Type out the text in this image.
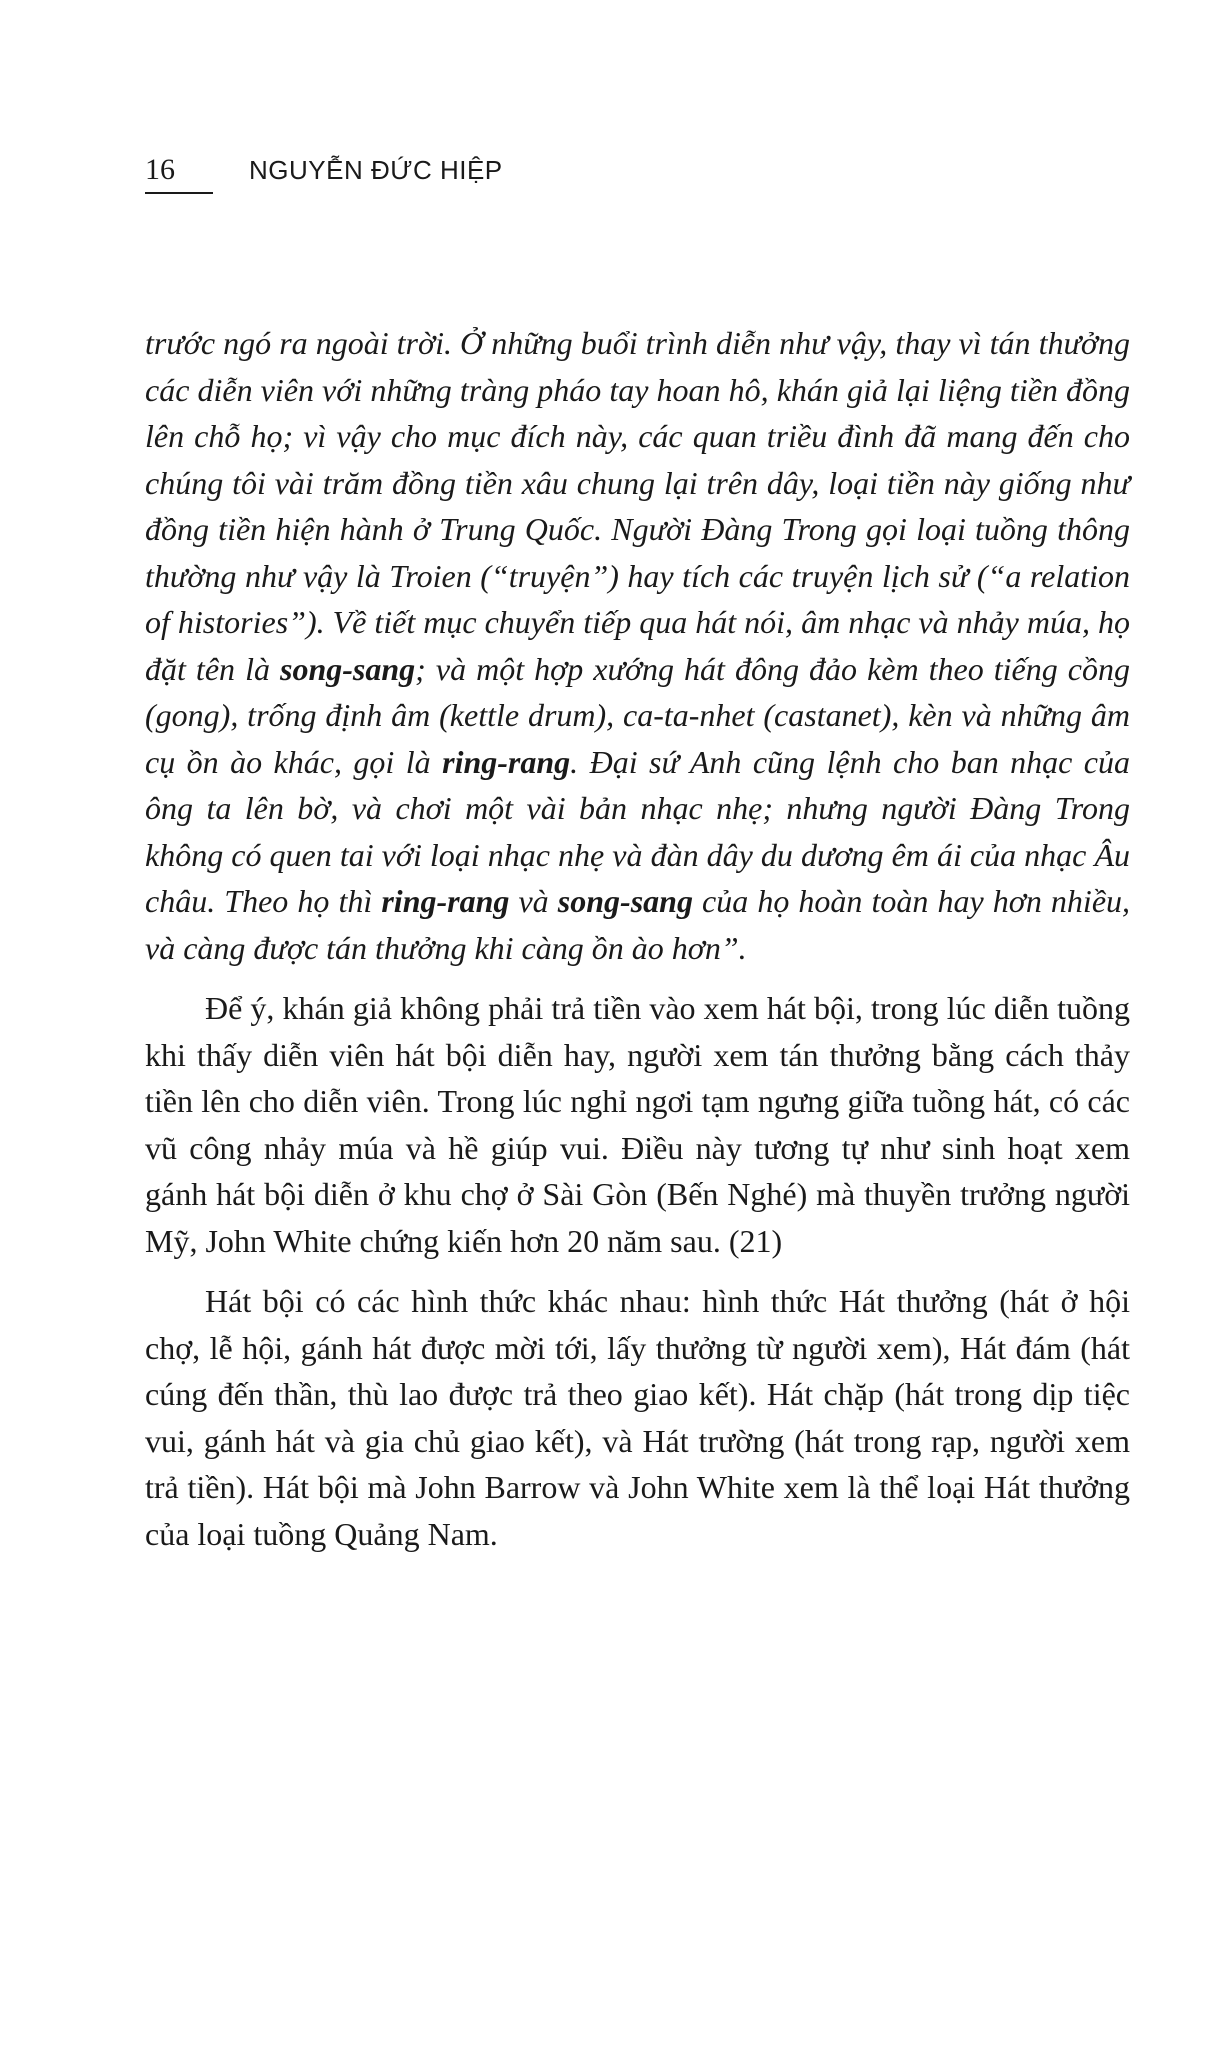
16	NGUYỄN ĐỨC HIỆP

trước ngó ra ngoài trời. Ở những buổi trình diễn như vậy, thay vì tán thưởng các diễn viên với những tràng pháo tay hoan hô, khán giả lại liệng tiền đồng lên chỗ họ; vì vậy cho mục đích này, các quan triều đình đã mang đến cho chúng tôi vài trăm đồng tiền xâu chung lại trên dây, loại tiền này giống như đồng tiền hiện hành ở Trung Quốc. Người Đàng Trong gọi loại tuồng thông thường như vậy là Troien (“truyện”) hay tích các truyện lịch sử (“a relation of histories”). Về tiết mục chuyển tiếp qua hát nói, âm nhạc và nhảy múa, họ đặt tên là song-sang; và một hợp xướng hát đông đảo kèm theo tiếng cồng (gong), trống định âm (kettle drum), ca-ta-nhet (castanet), kèn và những âm cụ ồn ào khác, gọi là ring-rang. Đại sứ Anh cũng lệnh cho ban nhạc của ông ta lên bờ, và chơi một vài bản nhạc nhẹ; nhưng người Đàng Trong không có quen tai với loại nhạc nhẹ và đàn dây du dương êm ái của nhạc Âu châu. Theo họ thì ring-rang và song-sang của họ hoàn toàn hay hơn nhiều, và càng được tán thưởng khi càng ồn ào hơn”.

Để ý, khán giả không phải trả tiền vào xem hát bội, trong lúc diễn tuồng khi thấy diễn viên hát bội diễn hay, người xem tán thưởng bằng cách thảy tiền lên cho diễn viên. Trong lúc nghỉ ngơi tạm ngưng giữa tuồng hát, có các vũ công nhảy múa và hề giúp vui. Điều này tương tự như sinh hoạt xem gánh hát bội diễn ở khu chợ ở Sài Gòn (Bến Nghé) mà thuyền trưởng người Mỹ, John White chứng kiến hơn 20 năm sau. (21)

Hát bội có các hình thức khác nhau: hình thức Hát thưởng (hát ở hội chợ, lễ hội, gánh hát được mời tới, lấy thưởng từ người xem), Hát đám (hát cúng đến thần, thù lao được trả theo giao kết). Hát chặp (hát trong dịp tiệc vui, gánh hát và gia chủ giao kết), và Hát trường (hát trong rạp, người xem trả tiền). Hát bội mà John Barrow và John White xem là thể loại Hát thưởng của loại tuồng Quảng Nam.
